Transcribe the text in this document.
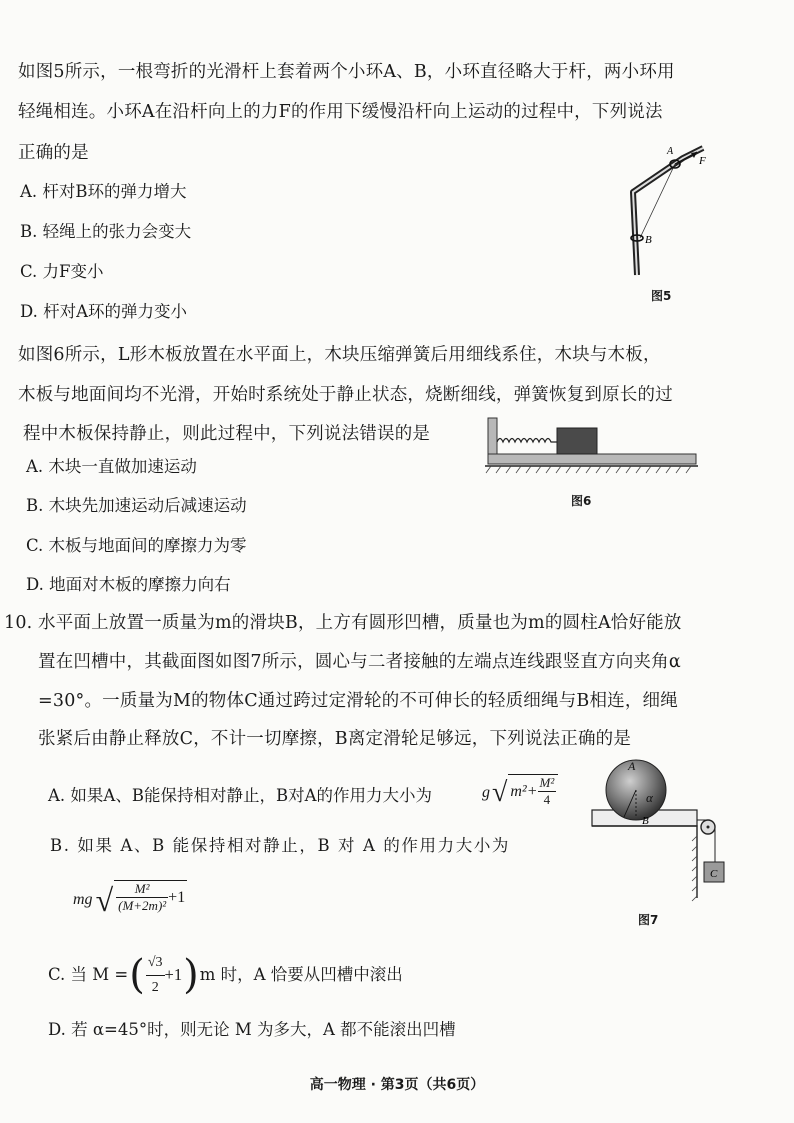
如图5所示，一根弯折的光滑杆上套着两个小环A、B，小环直径略大于杆，两小环用
轻绳相连。小环A在沿杆向上的力F的作用下缓慢沿杆向上运动的过程中，下列说法
正确的是
A. 杆对B环的弹力增大
B. 轻绳上的张力会变大
C. 力F变小
D. 杆对A环的弹力变小
A
F
B
图5
如图6所示，L形木板放置在水平面上，木块压缩弹簧后用细线系住，木块与木板，
木板与地面间均不光滑，开始时系统处于静止状态，烧断细线，弹簧恢复到原长的过
程中木板保持静止，则此过程中，下列说法错误的是
A. 木块一直做加速运动
B. 木块先加速运动后减速运动
C. 木板与地面间的摩擦力为零
D. 地面对木板的摩擦力向右
图6
10. 水平面上放置一质量为m的滑块B，上方有圆形凹槽，质量也为m的圆柱A恰好能放
置在凹槽中，其截面图如图7所示，圆心与二者接触的左端点连线跟竖直方向夹角α
=30°。一质量为M的物体C通过跨过定滑轮的不可伸长的轻质细绳与B相连，细绳
张紧后由静止释放C，不计一切摩擦，B离定滑轮足够远，下列说法正确的是
A. 如果A、B能保持相对静止，B对A的作用力大小为	g √ $m^2+ \frac{\text{M²}}{4}$
B. 如果 A、B 能保持相对静止，B 对 A 的作用力大小为
mg √ $\frac{\text{M²}}{\text{(M+2m)²}} +1$
C. 当 M = ( $\frac{√3}{2} +1$ ) m 时，A 恰要从凹槽中滚出
D. 若 α=45°时，则无论 M 为多大，A 都不能滚出凹槽
A
α
B
C
图7
高一物理 · 第3页（共6页）
